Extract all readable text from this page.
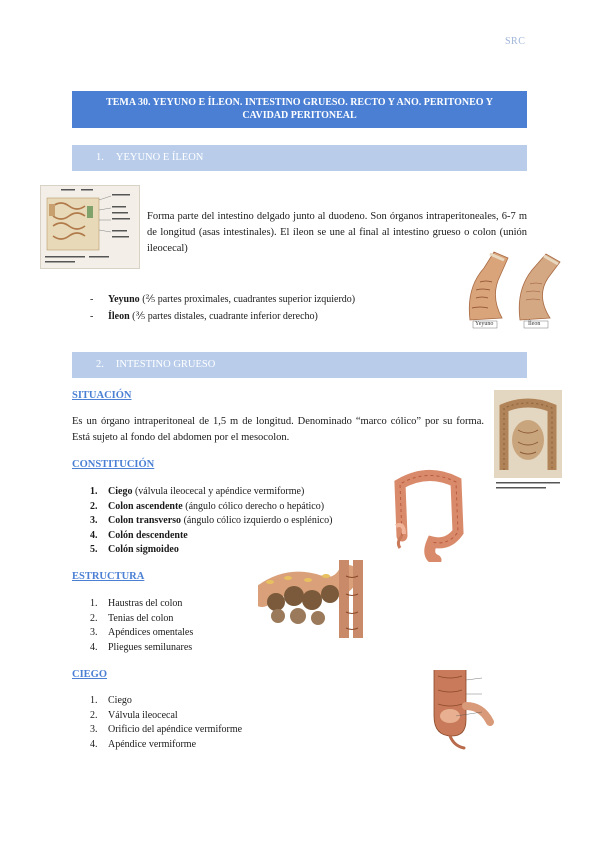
SRC
TEMA 30. YEYUNO E ÍLEON. INTESTINO GRUESO. RECTO Y ANO. PERITONEO Y
CAVIDAD PERITONEAL
1. YEYUNO E ÍLEON
Forma parte del intestino delgado junto al duodeno. Son órganos intraperitoneales, 6-7 m de longitud (asas intestinales). El íleon se une al final al intestino grueso o colon (unión ileocecal)
Yeyuno	Íleon
- Yeyuno (⅖ partes proximales, cuadrantes superior izquierdo)
- Íleon (⅗ partes distales, cuadrante inferior derecho)
2. INTESTINO GRUESO
SITUACIÓN
Es un órgano intraperitoneal de 1,5 m de longitud. Denominado “marco cólico” por su forma. Está sujeto al fondo del abdomen por el mesocolon.
CONSTITUCIÓN
1. Ciego (válvula ileocecal y apéndice vermiforme)
2. Colon ascendente (ángulo cólico derecho o hepático)
3. Colon transverso (ángulo cólico izquierdo o esplénico)
4. Colón descendente
5. Colón sigmoideo
ESTRUCTURA
1. Haustras del colon
2. Tenias del colon
3. Apéndices omentales
4. Pliegues semilunares
CIEGO
1. Ciego
2. Válvula ileocecal
3. Orificio del apéndice vermiforme
4. Apéndice vermiforme
